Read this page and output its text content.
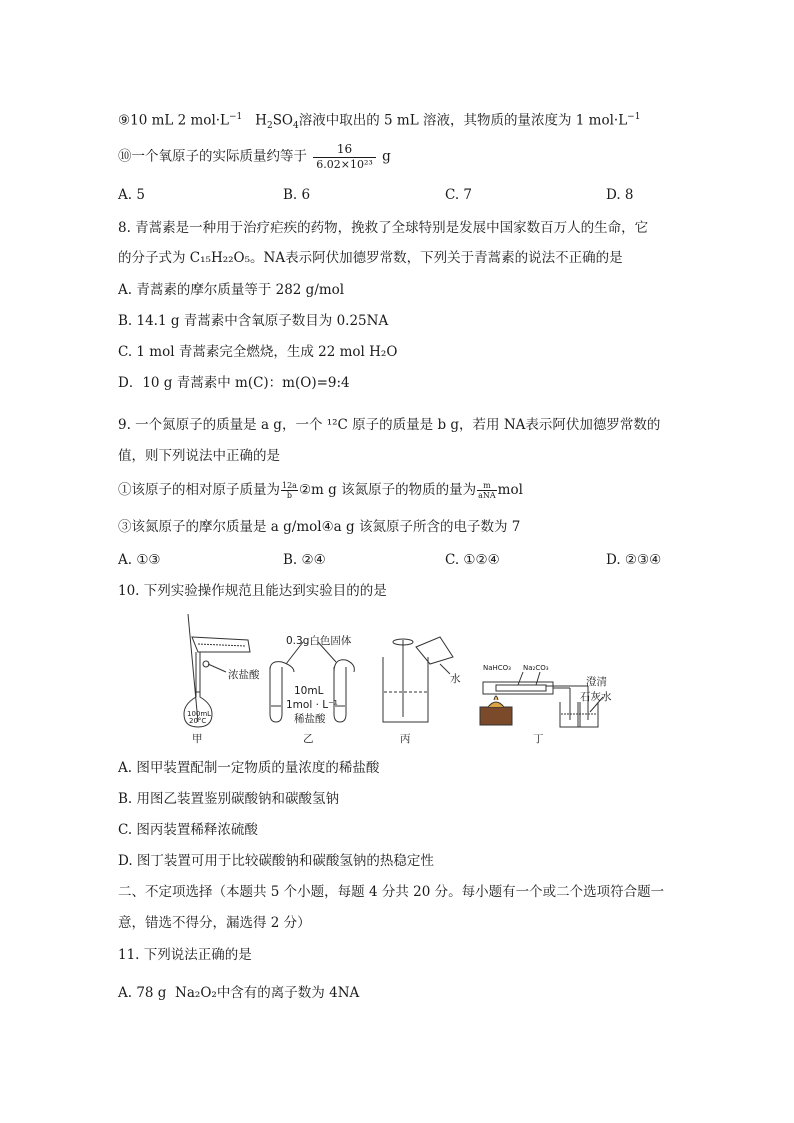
⑨10 mL 2 $mol\cdot L^{-1}$ $H_2SO_4$溶液中取出的 5 mL 溶液，其物质的量浓度为 1 $mol\cdot L^{-1}$
⑩一个氧原子的实际质量约等于 $\frac{16}{\text{6.02×10²³}}$ g
A. 5	B. 6	C. 7	D. 8
8. 青蒿素是一种用于治疗疟疾的药物，挽救了全球特别是发展中国家数百万人的生命，它
的分子式为 C₁₅H₂₂O₅。NA表示阿伏加德罗常数，下列关于青蒿素的说法不正确的是
A. 青蒿素的摩尔质量等于 282 g/mol
B. 14.1 g 青蒿素中含氧原子数目为 0.25NA
C. 1 mol 青蒿素完全燃烧，生成 22 mol H₂O
D．10 g 青蒿素中 m(C)：m(O)=9:4
9. 一个氮原子的质量是 a g，一个 ¹²C 原子的质量是 b g，若用 NA表示阿伏加德罗常数的
值，则下列说法中正确的是
①该原子的相对原子质量为 $\frac{12a}{b}$ ②m g 该氮原子的物质的量为 $\frac{m}{\text{aNA}}$ mol
③该氮原子的摩尔质量是 a g/mol④a g 该氮原子所含的电子数为 7
A. ①③	B. ②④	C. ①②④	D. ②③④
10. 下列实验操作规范且能达到实验目的的是
浓盐酸
100mL
20°C
甲
0.3g白色固体
10mL
1mol · L⁻¹
稀盐酸
乙
水
丙
NaHCO₃ Na₂CO₃
澄清
石灰水
丁
A. 图甲装置配制一定物质的量浓度的稀盐酸
B. 用图乙装置鉴别碳酸钠和碳酸氢钠
C. 图丙装置稀释浓硫酸
D. 图丁装置可用于比较碳酸钠和碳酸氢钠的热稳定性
二、不定项选择（本题共 5 个小题，每题 4 分共 20 分。每小题有一个或二个选项符合题一
意，错选不得分，漏选得 2 分）
11. 下列说法正确的是
A. 78 g Na₂O₂中含有的离子数为 4NA
